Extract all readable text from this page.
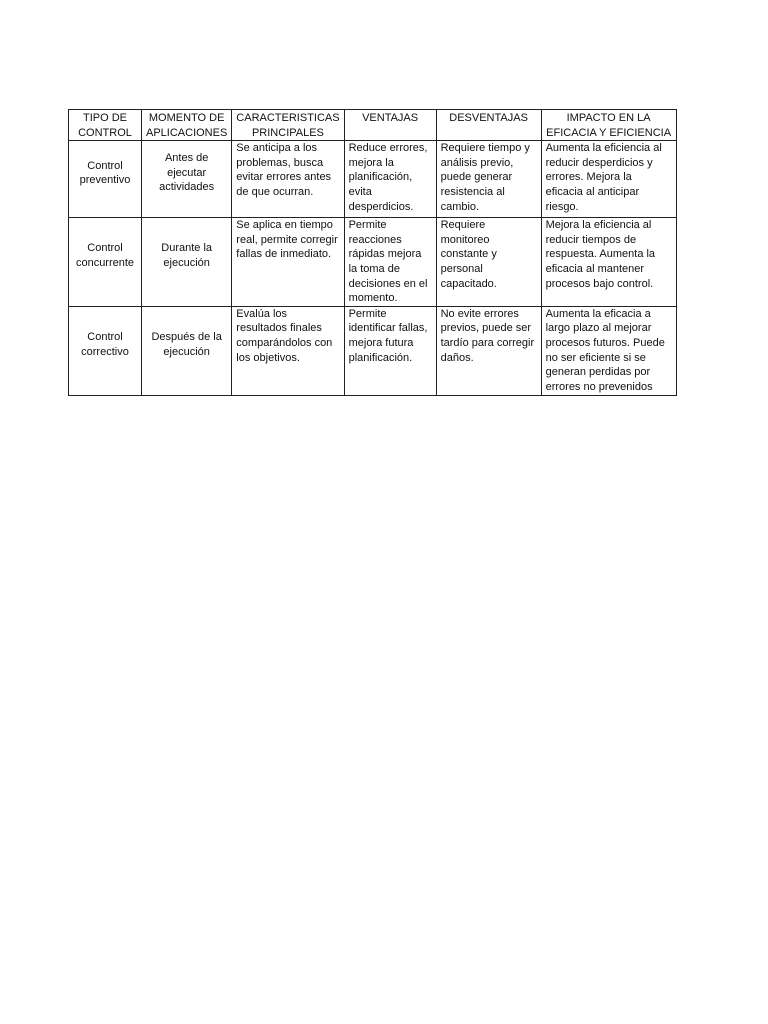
TIPO DE CONTROL	MOMENTO DE APLICACIONES	CARACTERISTICAS PRINCIPALES	VENTAJAS	DESVENTAJAS	IMPACTO EN LA EFICACIA Y EFICIENCIA
Control preventivo	Antes de ejecutar actividades	Se anticipa a los problemas, busca evitar errores antes de que ocurran.	Reduce errores, mejora la planificación, evita desperdicios.	Requiere tiempo y análisis previo, puede generar resistencia al cambio.	Aumenta la eficiencia al reducir desperdicios y errores. Mejora la eficacia al anticipar riesgo.
Control concurrente	Durante la ejecución	Se aplica en tiempo real, permite corregir fallas de inmediato.	Permite reacciones rápidas mejora la toma de decisiones en el momento.	Requiere monitoreo constante y personal capacitado.	Mejora la eficiencia al reducir tiempos de respuesta. Aumenta la eficacia al mantener procesos bajo control.
Control correctivo	Después de la ejecución	Evalúa los resultados finales comparándolos con los objetivos.	Permite identificar fallas, mejora futura planificación.	No evite errores previos, puede ser tardío para corregir daños.	Aumenta la eficacia a largo plazo al mejorar procesos futuros. Puede no ser eficiente si se generan perdidas por errores no prevenidos
